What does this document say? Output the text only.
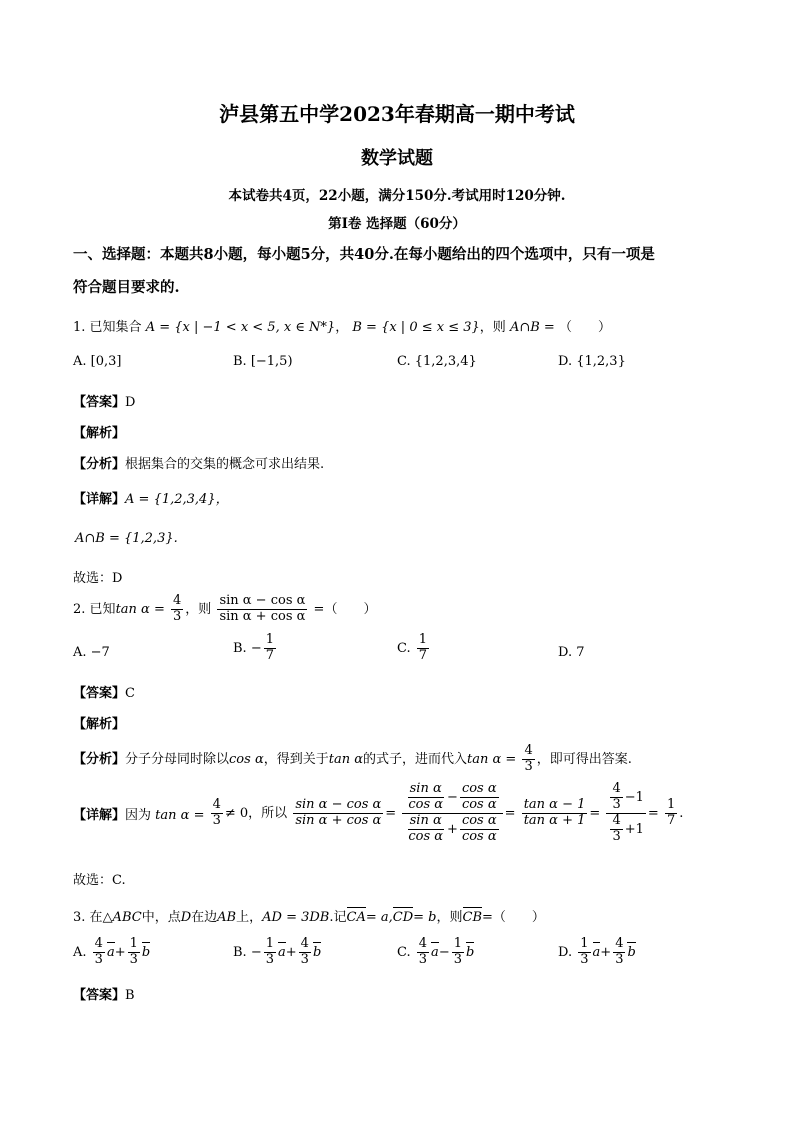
泸县第五中学2023年春期高一期中考试
数学试题
本试卷共4页，22小题，满分150分.考试用时120分钟.
第I卷 选择题（60分）
一、选择题：本题共8小题，每小题5分，共40分.在每小题给出的四个选项中，只有一项是
符合题目要求的.
1. 已知集合 A = {x | −1 < x < 5, x ∈ N*}， B = {x | 0 ≤ x ≤ 3}，则 A∩B = （　　）
A. [0,3]	B. [−1,5)	C. {1,2,3,4}	D. {1,2,3}
【答案】D
【解析】
【分析】根据集合的交集的概念可求出结果.
【详解】A = {1,2,3,4}，
A∩B = {1,2,3}.
故选：D
2. 已知$\tan \alpha = \frac{4}{3}$ ，则 $\frac{\text{sin α − cos α}}{\text{sin α + cos α}}$ =（　　）
A. −7	B. − $\frac{1}{7}$	C. $\frac{1}{7}$	D. 7
【答案】C
【解析】
【分析】分子分母同时除以cos α，得到关于tan α的式子，进而代入$\tan \alpha = \frac{4}{3}$ ，即可得出答案.
【详解】因为 $\tan \alpha = \frac{4}{3} \ne 0$，所以 $\frac{\text{sin α − cos α}}{\text{sin α + cos α}} = \frac{\frac{\text{sin α}}{\text{cos α}} - \frac{\text{cos α}}{\text{cos α}}}{\frac{\text{sin α}}{\text{cos α}} + \frac{\text{cos α}}{\text{cos α}}} = \frac{\text{tan α − 1}}{\text{tan α + 1}} = \frac{\frac{4}{3} -1}{\frac{4}{3} +1} = \frac{1}{7}$ .
故选：C.
3. 在△ABC中，点D在边AB上，AD = 3DB.记CA= a,CD= b，则CB=（　　）
A. $\frac{4}{3} a+ \frac{1}{3}$ b	B. − $\frac{1}{3} a+ \frac{4}{3}$ b	C. $\frac{4}{3} a- \frac{1}{3}$ b	D. $\frac{1}{3} a+ \frac{4}{3}$ b
【答案】B
